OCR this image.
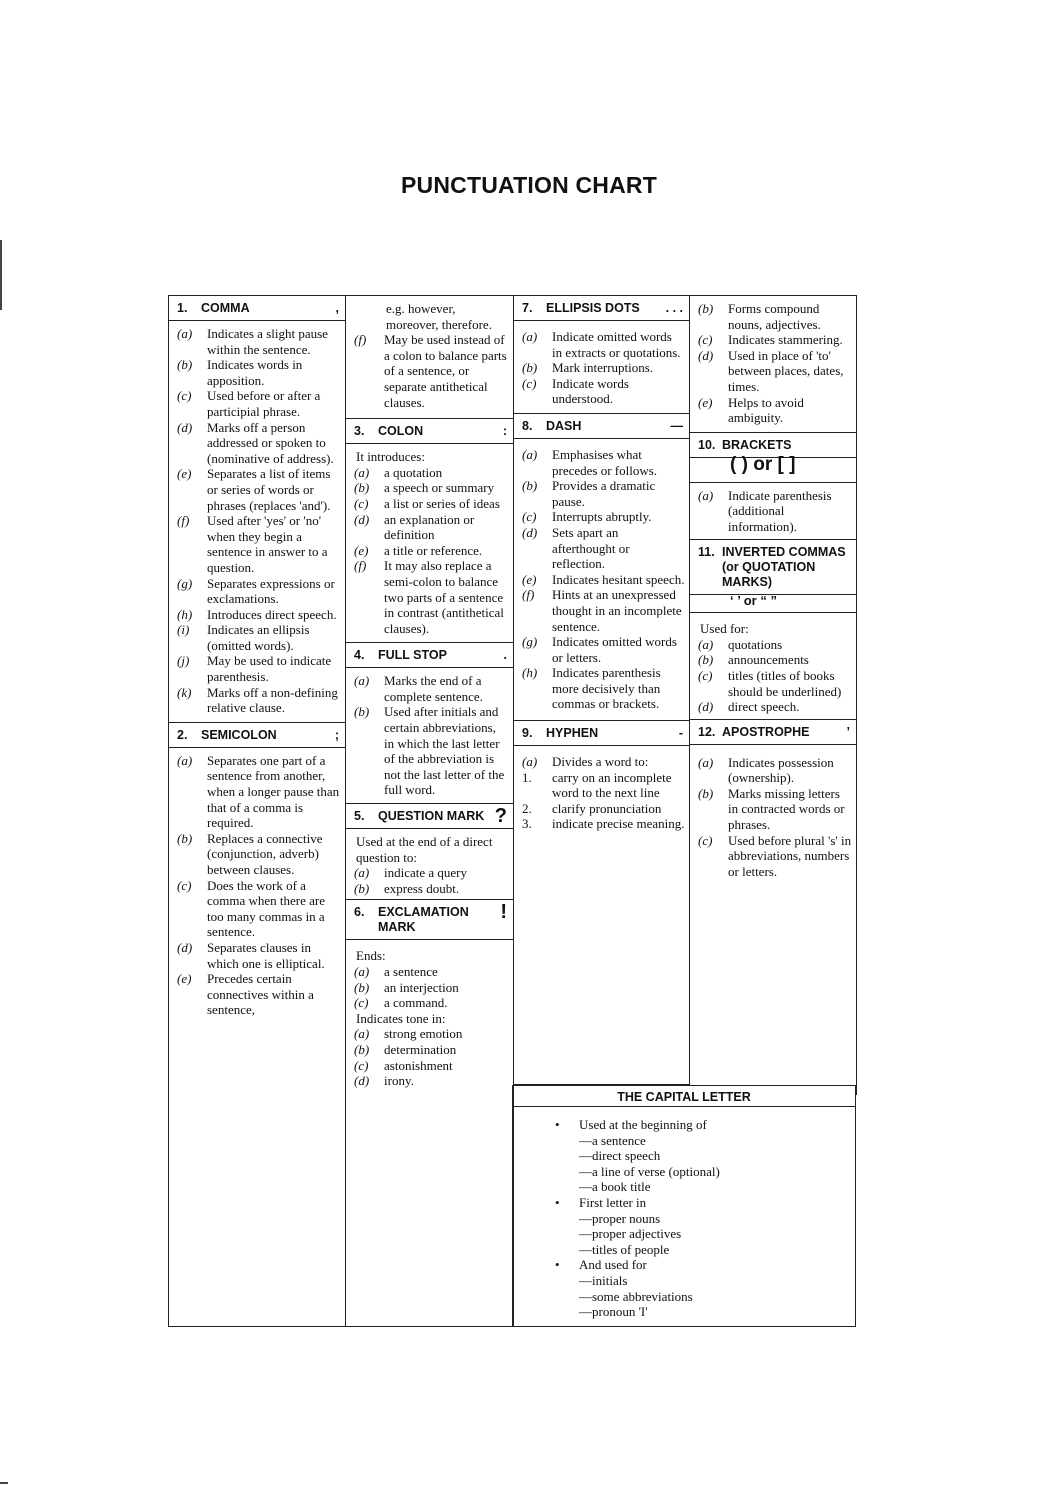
PUNCTUATION CHART
1.	COMMA	,
(a)	Indicates a slight pause within the sentence.
(b)	Indicates words in apposition.
(c)	Used before or after a participial phrase.
(d)	Marks off a person addressed or spoken to (nominative of address).
(e)	Separates a list of items or series of words or phrases (replaces 'and').
(f)	Used after 'yes' or 'no' when they begin a sentence in answer to a question.
(g)	Separates expressions or exclamations.
(h)	Introduces direct speech.
(i)	Indicates an ellipsis (omitted words).
(j)	May be used to indicate parenthesis.
(k)	Marks off a non-defining relative clause.
2.	SEMICOLON	;
(a)	Separates one part of a sentence from another, when a longer pause than that of a comma is required.
(b)	Replaces a connective (conjunction, adverb) between clauses.
(c)	Does the work of a comma when there are too many commas in a sentence.
(d)	Separates clauses in which one is elliptical.
(e)	Precedes certain connectives within a sentence,
e.g. however, moreover, therefore.
(f)	May be used instead of a colon to balance parts of a sentence, or separate antithetical clauses.
3.	COLON	:
It introduces:
(a)	a quotation
(b)	a speech or summary
(c)	a list or series of ideas
(d)	an explanation or definition
(e)	a title or reference.
(f)	It may also replace a semi-colon to balance two parts of a sentence in contrast (antithetical clauses).
4.	FULL STOP	.
(a)	Marks the end of a complete sentence.
(b)	Used after initials and certain abbreviations, in which the last letter of the abbreviation is not the last letter of the full word.
5.	QUESTION MARK ?
Used at the end of a direct question to:
(a)	indicate a query
(b)	express doubt.
6.	EXCLAMATION MARK
!
Ends:
(a)	a sentence
(b)	an interjection
(c)	a command.
Indicates tone in:
(a)	strong emotion
(b)	determination
(c)	astonishment
(d)	irony.
7.	ELLIPSIS DOTS	. . .
(a)	Indicate omitted words in extracts or quotations.
(b)	Mark interruptions.
(c)	Indicate words understood.
8.	DASH	—
(a)	Emphasises what precedes or follows.
(b)	Provides a dramatic pause.
(c)	Interrupts abruptly.
(d)	Sets apart an afterthought or reflection.
(e)	Indicates hesitant speech.
(f)	Hints at an unexpressed thought in an incomplete sentence.
(g)	Indicates omitted words or letters.
(h)	Indicates parenthesis more decisively than commas or brackets.
9.	HYPHEN	-
(a)	Divides a word to:
1.	carry on an incomplete word to the next line
2.	clarify pronunciation
3.	indicate precise meaning.
(b)	Forms compound nouns, adjectives.
(c)	Indicates stammering.
(d)	Used in place of 'to' between places, dates, times.
(e)	Helps to avoid ambiguity.
10. BRACKETS
( ) or [ ]
(a)	Indicate parenthesis (additional information).
11. INVERTED COMMAS (or QUOTATION MARKS)
‘ ’ or “ ”
Used for:
(a)	quotations
(b)	announcements
(c)	titles (titles of books should be underlined)
(d)	direct speech.
12. APOSTROPHE	’
(a)	Indicates possession (ownership).
(b)	Marks missing letters in contracted words or phrases.
(c)	Used before plural 's' in abbreviations, numbers or letters.
THE CAPITAL LETTER
•	Used at the beginning of
—a sentence
—direct speech
—a line of verse (optional)
—a book title
•	First letter in
—proper nouns
—proper adjectives
—titles of people
•	And used for
—initials
—some abbreviations
—pronoun 'I'
